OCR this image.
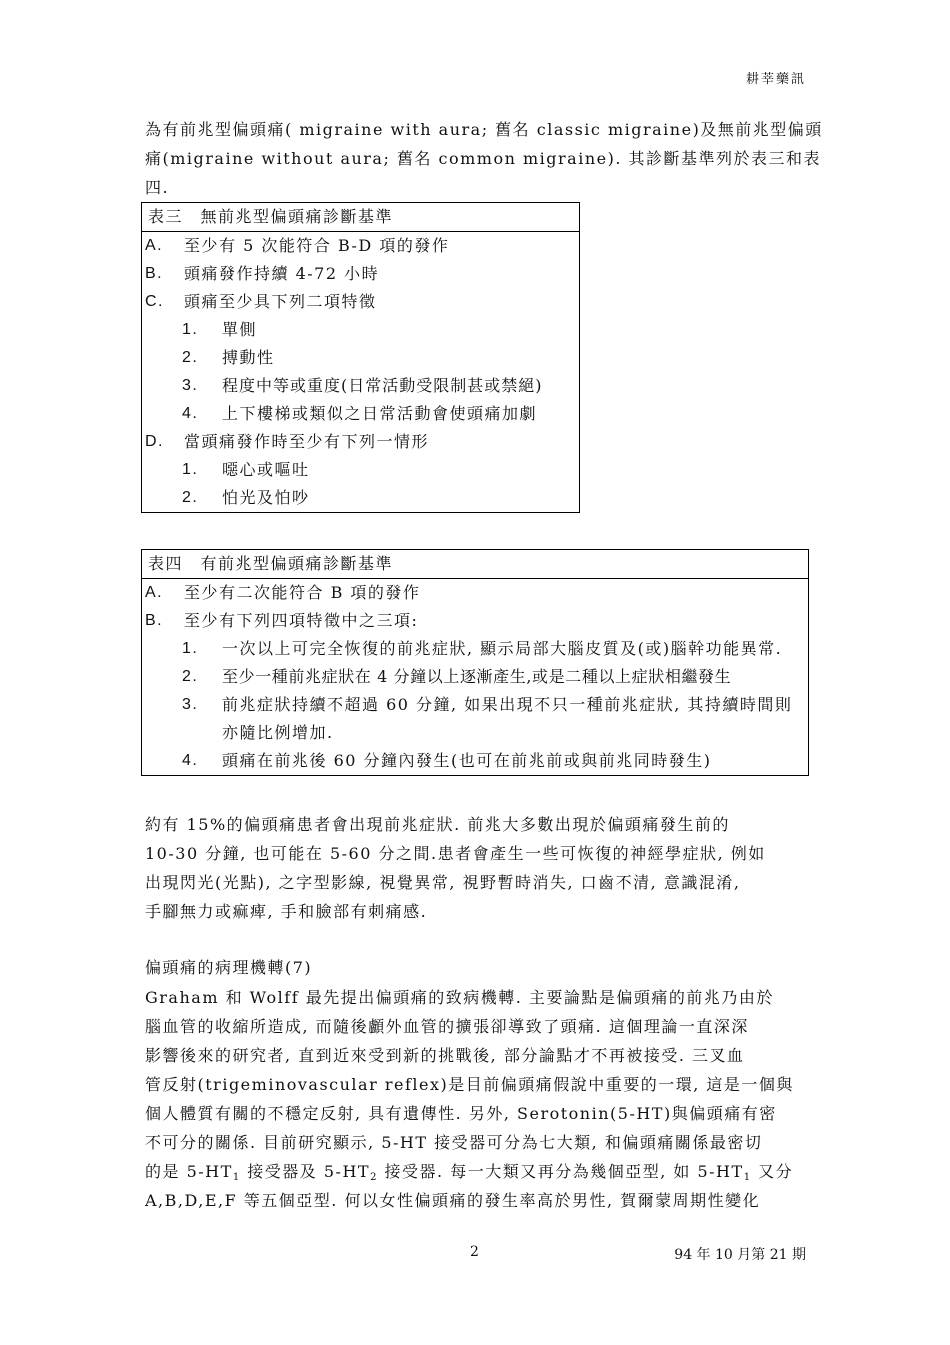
耕莘藥訊
為有前兆型偏頭痛( migraine with aura; 舊名 classic migraine)及無前兆型偏頭
痛(migraine without aura; 舊名 common migraine). 其診斷基準列於表三和表
四.
表三　無前兆型偏頭痛診斷基準
A.	至少有 5 次能符合 B-D 項的發作
B.	頭痛發作持續 4-72 小時
C.	頭痛至少具下列二項特徵
1.	單側
2.	搏動性
3.	程度中等或重度(日常活動受限制甚或禁絕)
4.	上下樓梯或類似之日常活動會使頭痛加劇
D.	當頭痛發作時至少有下列一情形
1.	噁心或嘔吐
2.	怕光及怕吵
表四　有前兆型偏頭痛診斷基準
A.	至少有二次能符合 B 項的發作
B.	至少有下列四項特徵中之三項:
1.	一次以上可完全恢復的前兆症狀, 顯示局部大腦皮質及(或)腦幹功能異常.
2.	至少一種前兆症狀在 4 分鐘以上逐漸產生,或是二種以上症狀相繼發生
3.	前兆症狀持續不超過 60 分鐘, 如果出現不只一種前兆症狀, 其持續時間則亦隨比例增加.
4.	頭痛在前兆後 60 分鐘內發生(也可在前兆前或與前兆同時發生)
約有 15%的偏頭痛患者會出現前兆症狀. 前兆大多數出現於偏頭痛發生前的
10-30 分鐘, 也可能在 5-60 分之間.患者會產生一些可恢復的神經學症狀, 例如
出現閃光(光點), 之字型影線, 視覺異常, 視野暫時消失, 口齒不清, 意識混淆,
手腳無力或痲痺, 手和臉部有刺痛感.
偏頭痛的病理機轉(7)
Graham 和 Wolff 最先提出偏頭痛的致病機轉. 主要論點是偏頭痛的前兆乃由於
腦血管的收縮所造成, 而隨後顱外血管的擴張卻導致了頭痛. 這個理論一直深深
影響後來的研究者, 直到近來受到新的挑戰後, 部分論點才不再被接受. 三叉血
管反射(trigeminovascular reflex)是目前偏頭痛假說中重要的一環, 這是一個與
個人體質有關的不穩定反射, 具有遺傳性. 另外, Serotonin(5-HT)與偏頭痛有密
不可分的關係. 目前研究顯示, 5-HT 接受器可分為七大類, 和偏頭痛關係最密切
的是 $5-HT_1$ 接受器及 $5-HT_2$ 接受器. 每一大類又再分為幾個亞型, 如 $5-HT_1$ 又分
A,B,D,E,F 等五個亞型. 何以女性偏頭痛的發生率高於男性, 賀爾蒙周期性變化
2	94 年 10 月第 21 期
